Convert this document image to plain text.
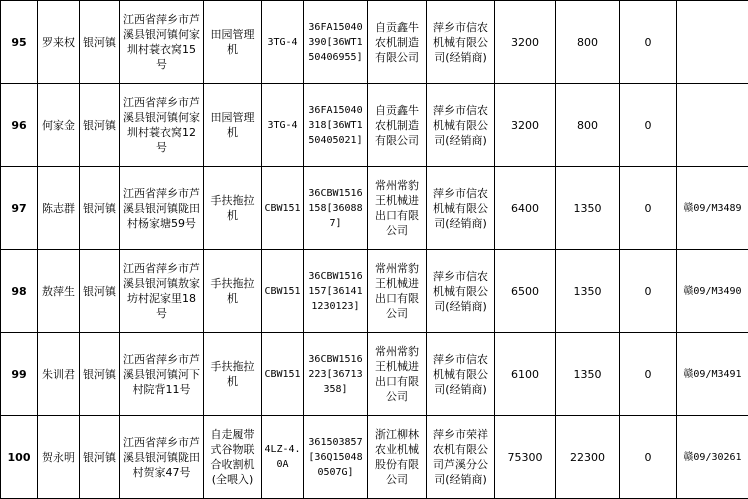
95	罗来权	银河镇	江西省萍乡市芦溪县银河镇何家圳村蓑衣窝15号	田园管理机	3TG-4	36FA15040390[36WT150406955]	自贡鑫牛农机制造有限公司	萍乡市信农机械有限公司(经销商)	3200	800	0	
96	何家金	银河镇	江西省萍乡市芦溪县银河镇何家圳村蓑衣窝12号	田园管理机	3TG-4	36FA15040318[36WT150405021]	自贡鑫牛农机制造有限公司	萍乡市信农机械有限公司(经销商)	3200	800	0	
97	陈志群	银河镇	江西省萍乡市芦溪县银河镇陇田村杨家塘59号	手扶拖拉机	CBW151	36CBW1516158[360887]	常州常豹王机械进出口有限公司	萍乡市信农机械有限公司(经销商)	6400	1350	0	赣09/M3489
98	敖萍生	银河镇	江西省萍乡市芦溪县银河镇敖家坊村泥家里18号	手扶拖拉机	CBW151	36CBW1516157[361411230123]	常州常豹王机械进出口有限公司	萍乡市信农机械有限公司(经销商)	6500	1350	0	赣09/M3490
99	朱训君	银河镇	江西省萍乡市芦溪县银河镇河下村院背11号	手扶拖拉机	CBW151	36CBW1516223[36713358]	常州常豹王机械进出口有限公司	萍乡市信农机械有限公司(经销商)	6100	1350	0	赣09/M3491
100	贺永明	银河镇	江西省萍乡市芦溪县银河镇陇田村贺家47号	自走履带式谷物联合收割机(全喂入)	4LZ-4.0A	361503857[36Q150480507G]	浙江柳林农业机械股份有限公司	萍乡市荣祥农机有限公司芦溪分公司(经销商)	75300	22300	0	赣09/30261
